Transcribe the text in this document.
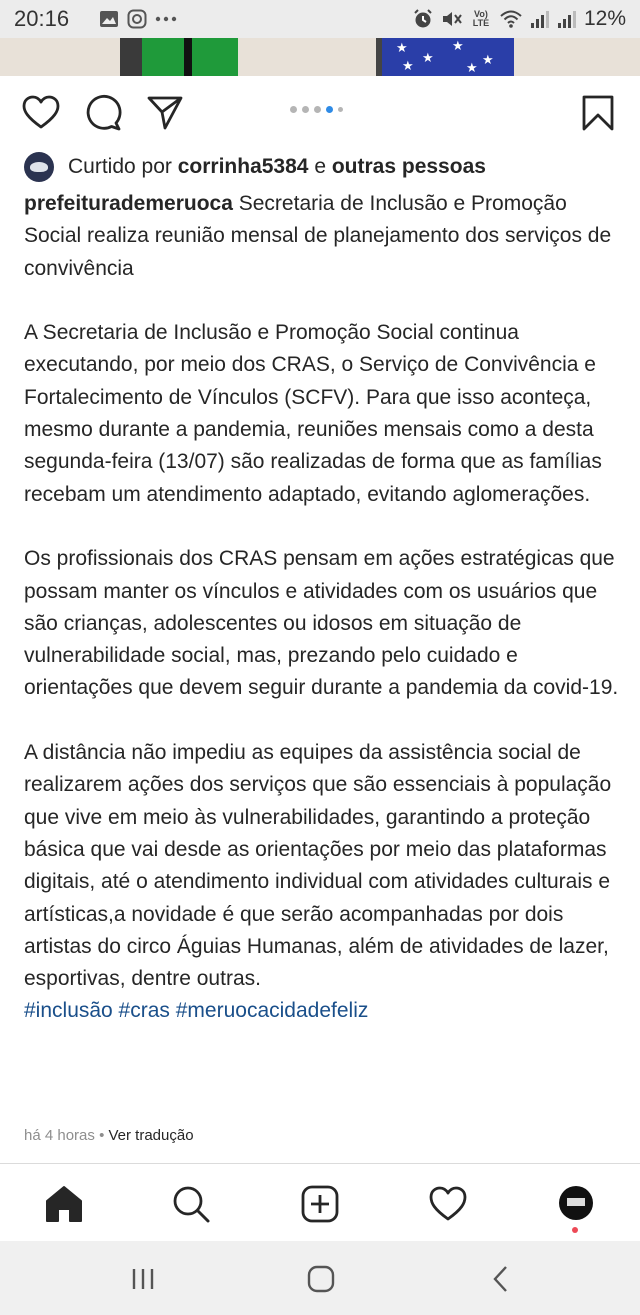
20:16	Vo) LTE	12%
★
★
★
★
★	★
Curtido por
corrinha5384
e
outras pessoas

prefeiturademeruoca Secretaria de Inclusão e Promoção Social realiza reunião mensal de planejamento dos serviços de convivência

A Secretaria de Inclusão e Promoção Social continua executando, por meio dos CRAS, o Serviço de Convivência e Fortalecimento de Vínculos (SCFV). Para que isso aconteça, mesmo durante a pandemia, reuniões mensais como a desta segunda-feira (13/07) são realizadas de forma que as famílias recebam um atendimento adaptado, evitando aglomerações.

Os profissionais dos CRAS pensam em ações estratégicas que possam manter os vínculos e atividades com os usuários que são crianças, adolescentes ou idosos em situação de vulnerabilidade social, mas, prezando pelo cuidado e orientações que devem seguir durante a pandemia da covid-19.

A distância não impediu as equipes da assistência social de realizarem ações dos serviços que são essenciais à população que vive em meio às vulnerabilidades, garantindo a proteção básica que vai desde as orientações por meio das plataformas digitais, até o atendimento individual com atividades culturais e artísticas,a novidade é que serão acompanhadas por dois artistas do circo Águias Humanas, além de atividades de lazer, esportivas, dentre outras.

#inclusão #cras #meruocacidadefeliz

há 4 horas • Ver tradução
